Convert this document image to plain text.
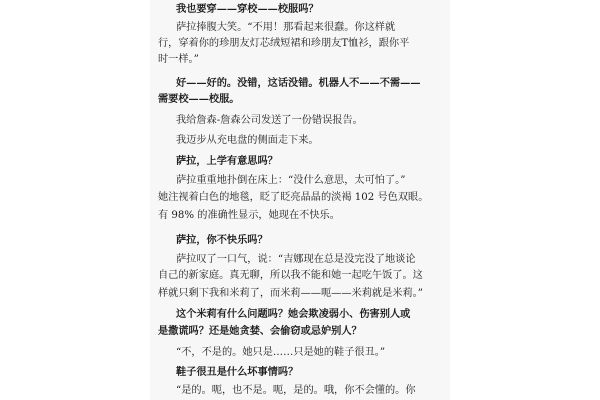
我也要穿——穿校——校服吗？
萨拉捧腹大笑。“不用！那看起来很蠢。你这样就
行，穿着你的珍朋友灯芯绒短裙和珍朋友T恤衫，跟你平
时一样。”
好——好的。没错，这话没错。机器人不——不需——
需要校——校服。
我给詹森-詹森公司发送了一份错误报告。
我迈步从充电盘的侧面走下来。
萨拉，上学有意思吗？
萨拉重重地扑倒在床上：“没什么意思，太可怕了。”
她注视着白色的地毯，眨了眨亮晶晶的淡褐 102 号色双眼。
有 98% 的准确性显示，她现在不快乐。
萨拉，你不快乐吗？
萨拉叹了一口气，说：“吉娜现在总是没完没了地谈论
自己的新家庭。真无聊，所以我不能和她一起吃午饭了。这
样就只剩下我和米莉了，而米莉——呃——米莉就是米莉。”
这个米莉有什么问题吗？她会欺凌弱小、伤害别人或
是撒谎吗？还是她贪婪、会偷窃或忌妒别人？
“不，不是的。她只是……只是她的鞋子很丑。”
鞋子很丑是什么坏事情吗？
“是的。呃，也不是。呃，是的。哦，你不会懂的。你
